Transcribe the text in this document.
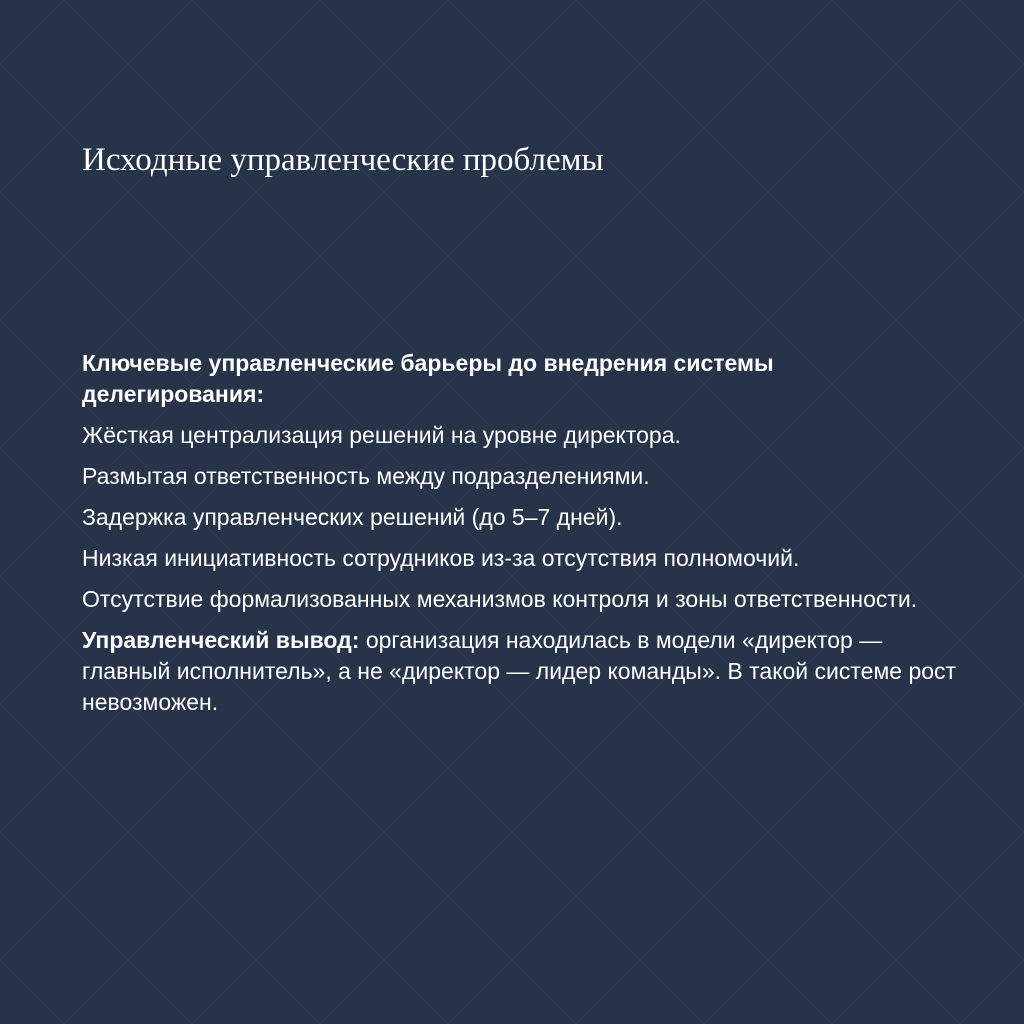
Исходные управленческие проблемы

Ключевые управленческие барьеры до внедрения системы делегирования:

Жёсткая централизация решений на уровне директора.

Размытая ответственность между подразделениями.

Задержка управленческих решений (до 5–7 дней).

Низкая инициативность сотрудников из-за отсутствия полномочий.

Отсутствие формализованных механизмов контроля и зоны ответственности.

Управленческий вывод: организация находилась в модели «директор — главный исполнитель», а не «директор — лидер команды». В такой системе рост невозможен.
